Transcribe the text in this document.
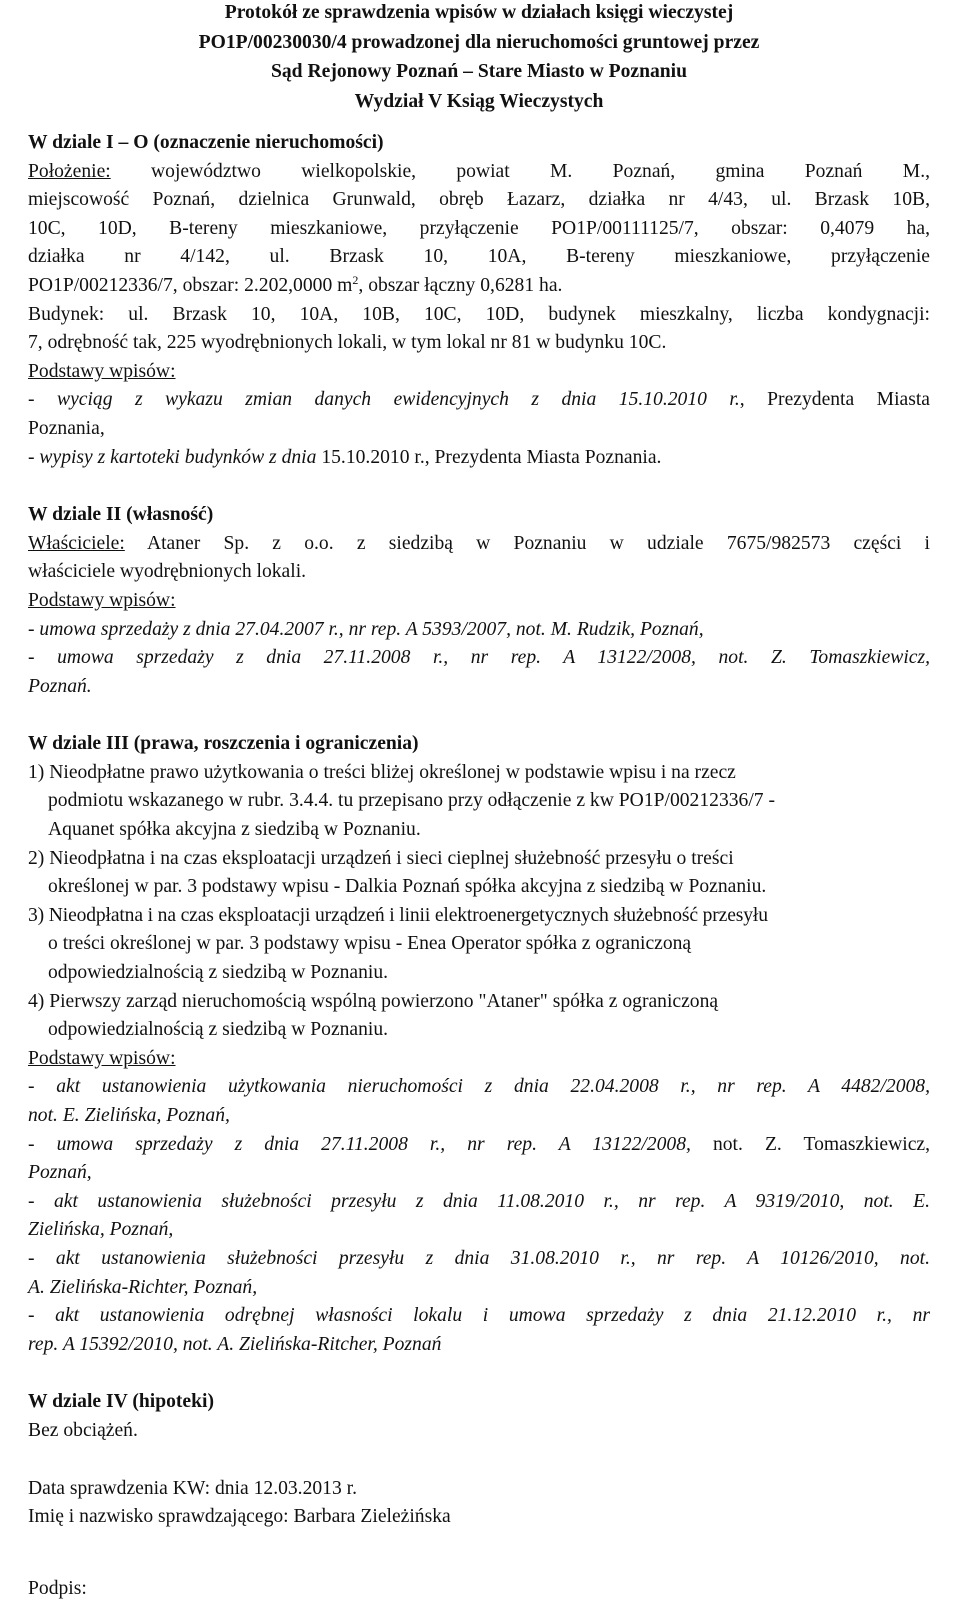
Protokół ze sprawdzenia wpisów w działach księgi wieczystej
PO1P/00230030/4 prowadzonej dla nieruchomości gruntowej przez
Sąd Rejonowy Poznań – Stare Miasto w Poznaniu
Wydział V Ksiąg Wieczystych
W dziale I – O (oznaczenie nieruchomości)
Położenie: województwo wielkopolskie, powiat M. Poznań, gmina Poznań M.,
miejscowość Poznań, dzielnica Grunwald, obręb Łazarz, działka nr 4/43, ul. Brzask 10B,
10C, 10D, B-tereny mieszkaniowe, przyłączenie PO1P/00111125/7, obszar: 0,4079 ha,
działka nr 4/142, ul. Brzask 10, 10A, B-tereny mieszkaniowe, przyłączenie
PO1P/00212336/7, obszar: 2.202,0000 $m^2$, obszar łączny 0,6281 ha.
Budynek: ul. Brzask 10, 10A, 10B, 10C, 10D, budynek mieszkalny, liczba kondygnacji:
7, odrębność tak, 225 wyodrębnionych lokali, w tym lokal nr 81 w budynku 10C.
Podstawy wpisów:
- wyciąg z wykazu zmian danych ewidencyjnych z dnia 15.10.2010 r., Prezydenta Miasta
Poznania,
- wypisy z kartoteki budynków z dnia 15.10.2010 r., Prezydenta Miasta Poznania.
W dziale II (własność)
Właściciele: Ataner Sp. z o.o. z siedzibą w Poznaniu w udziale 7675/982573 części i
właściciele wyodrębnionych lokali.
Podstawy wpisów:
- umowa sprzedaży z dnia 27.04.2007 r., nr rep. A 5393/2007, not. M. Rudzik, Poznań,
- umowa sprzedaży z dnia 27.11.2008 r., nr rep. A 13122/2008, not. Z. Tomaszkiewicz,
Poznań.
W dziale III (prawa, roszczenia i ograniczenia)
1) Nieodpłatne prawo użytkowania o treści bliżej określonej w podstawie wpisu i na rzecz
podmiotu wskazanego w rubr. 3.4.4. tu przepisano przy odłączenie z kw PO1P/00212336/7 -
Aquanet spółka akcyjna z siedzibą w Poznaniu.
2) Nieodpłatna i na czas eksploatacji urządzeń i sieci cieplnej służebność przesyłu o treści
określonej w par. 3 podstawy wpisu - Dalkia Poznań spółka akcyjna z siedzibą w Poznaniu.
3) Nieodpłatna i na czas eksploatacji urządzeń i linii elektroenergetycznych służebność przesyłu
o treści określonej w par. 3 podstawy wpisu - Enea Operator spółka z ograniczoną
odpowiedzialnością z siedzibą w Poznaniu.
4) Pierwszy zarząd nieruchomością wspólną powierzono "Ataner" spółka z ograniczoną
odpowiedzialnością z siedzibą w Poznaniu.
Podstawy wpisów:
- akt ustanowienia użytkowania nieruchomości z dnia 22.04.2008 r., nr rep. A 4482/2008,
not. E. Zielińska, Poznań,
- umowa sprzedaży z dnia 27.11.2008 r., nr rep. A 13122/2008, not. Z. Tomaszkiewicz,
Poznań,
- akt ustanowienia służebności przesyłu z dnia 11.08.2010 r., nr rep. A 9319/2010, not. E.
Zielińska, Poznań,
- akt ustanowienia służebności przesyłu z dnia 31.08.2010 r., nr rep. A 10126/2010, not.
A. Zielińska-Richter, Poznań,
- akt ustanowienia odrębnej własności lokalu i umowa sprzedaży z dnia 21.12.2010 r., nr
rep. A 15392/2010, not. A. Zielińska-Ritcher, Poznań
W dziale IV (hipoteki)
Bez obciążeń.
Data sprawdzenia KW: dnia 12.03.2013 r.
Imię i nazwisko sprawdzającego: Barbara Zieleżińska
Podpis:
